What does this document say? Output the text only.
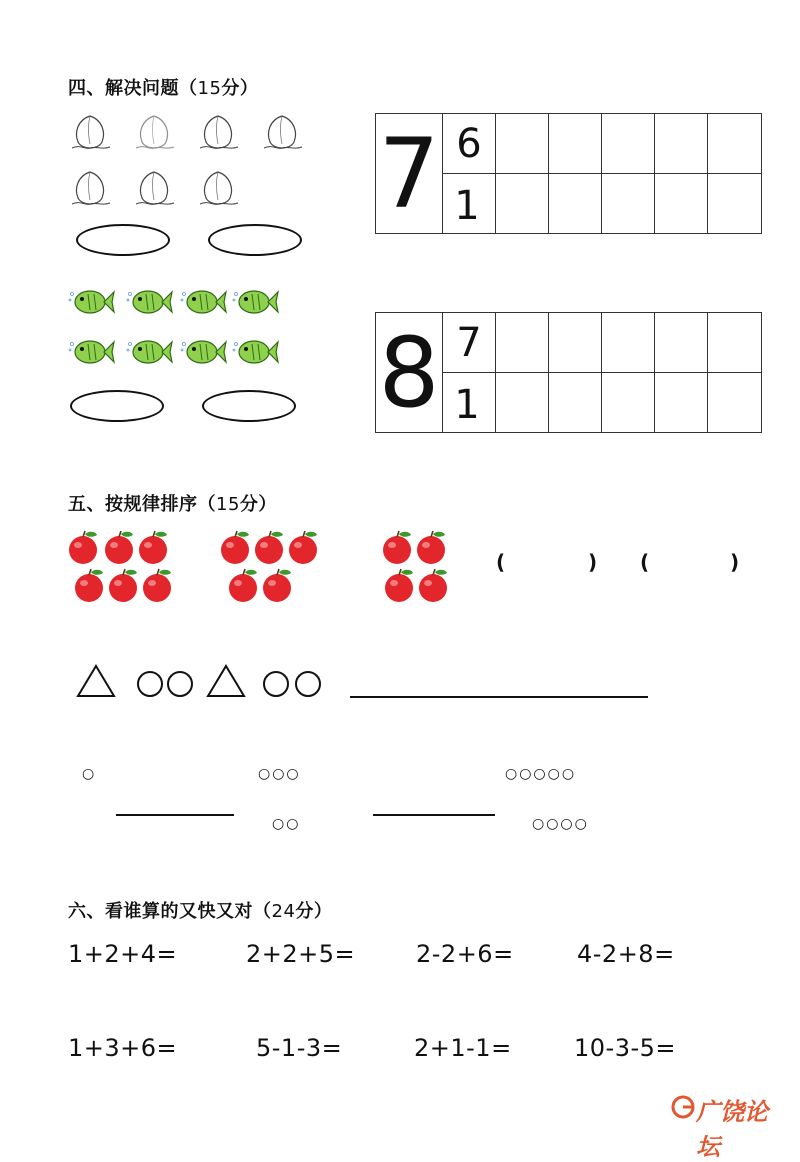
四、解决问题（15分）
7 6
1
8 7
1
五、按规律排序（15分）
(	) (	)
○	○○○	○○○○○
○○	○○○○
六、看谁算的又快又对（24分）
1+2+4=	2+2+5=	2-2+6=	4-2+8=
1+3+6=	5-1-3=	2+1-1=	10-3-5=
广饶论坛
